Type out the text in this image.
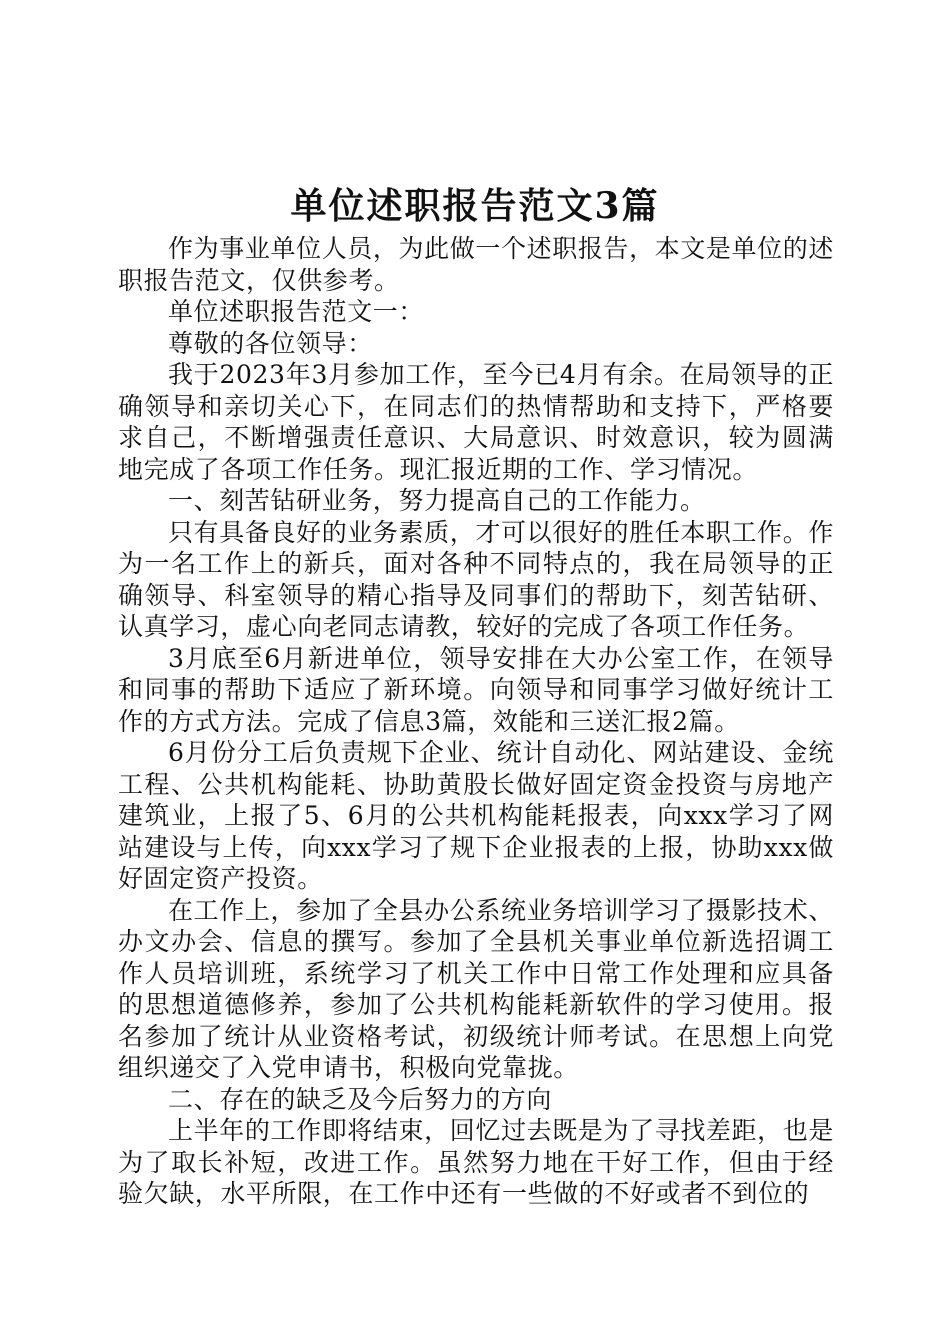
单位述职报告范文3篇

作为事业单位人员，为此做一个述职报告，本文是单位的述职报告范文，仅供参考。

单位述职报告范文一：

尊敬的各位领导：

我于2023年3月参加工作，至今已4月有余。在局领导的正确领导和亲切关心下，在同志们的热情帮助和支持下，严格要求自己，不断增强责任意识、大局意识、时效意识，较为圆满地完成了各项工作任务。现汇报近期的工作、学习情况。

一、刻苦钻研业务，努力提高自己的工作能力。

只有具备良好的业务素质，才可以很好的胜任本职工作。作为一名工作上的新兵，面对各种不同特点的，我在局领导的正确领导、科室领导的精心指导及同事们的帮助下，刻苦钻研、认真学习，虚心向老同志请教，较好的完成了各项工作任务。

3月底至6月新进单位，领导安排在大办公室工作，在领导和同事的帮助下适应了新环境。向领导和同事学习做好统计工作的方式方法。完成了信息3篇，效能和三送汇报2篇。

6月份分工后负责规下企业、统计自动化、网站建设、金统工程、公共机构能耗、协助黄股长做好固定资金投资与房地产建筑业，上报了5、6月的公共机构能耗报表，向xxx学习了网站建设与上传，向xxx学习了规下企业报表的上报，协助xxx做好固定资产投资。

在工作上，参加了全县办公系统业务培训学习了摄影技术、办文办会、信息的撰写。参加了全县机关事业单位新选招调工作人员培训班，系统学习了机关工作中日常工作处理和应具备的思想道德修养，参加了公共机构能耗新软件的学习使用。报名参加了统计从业资格考试，初级统计师考试。在思想上向党组织递交了入党申请书，积极向党靠拢。

二、存在的缺乏及今后努力的方向

上半年的工作即将结束，回忆过去既是为了寻找差距，也是为了取长补短，改进工作。虽然努力地在干好工作，但由于经验欠缺，水平所限，在工作中还有一些做的不好或者不到位的
